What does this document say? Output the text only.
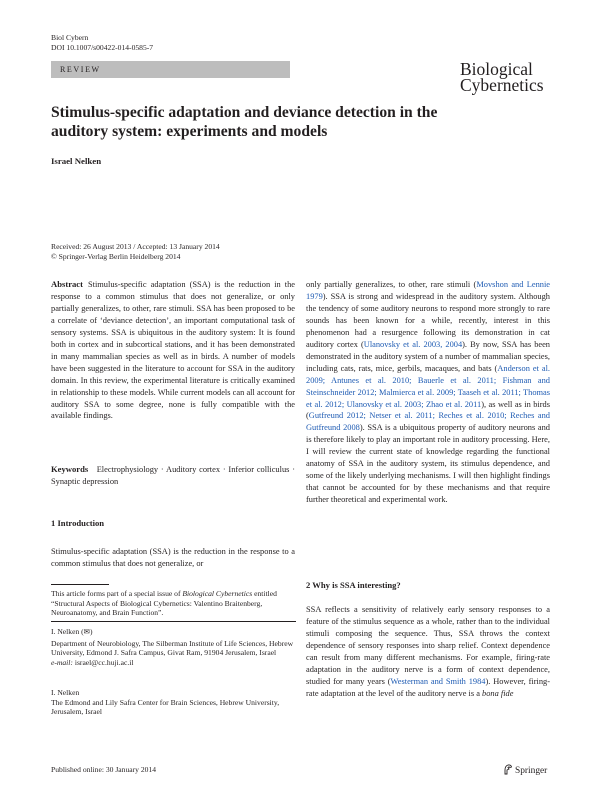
Biol Cybern
DOI 10.1007/s00422-014-0585-7
REVIEW	Biological
Cybernetics
Stimulus-specific adaptation and deviance detection in the auditory system: experiments and models
Israel Nelken
Received: 26 August 2013 / Accepted: 13 January 2014
© Springer-Verlag Berlin Heidelberg 2014

Abstract Stimulus-specific adaptation (SSA) is the reduction in the response to a common stimulus that does not generalize, or only partially generalizes, to other, rare stimuli. SSA has been proposed to be a correlate of ‘deviance detection’, an important computational task of sensory systems. SSA is ubiquitous in the auditory system: It is found both in cortex and in subcortical stations, and it has been demonstrated in many mammalian species as well as in birds. A number of models have been suggested in the literature to account for SSA in the auditory domain. In this review, the experimental literature is critically examined in relationship to these models. While current models can all account for auditory SSA to some degree, none is fully compatible with the available findings.

Keywords Electrophysiology · Auditory cortex · Inferior colliculus · Synaptic depression

1 Introduction

Stimulus-specific adaptation (SSA) is the reduction in the response to a common stimulus that does not generalize, or

This article forms part of a special issue of Biological Cybernetics entitled “Structural Aspects of Biological Cybernetics: Valentino Braitenberg, Neuroanatomy, and Brain Function”.
I. Nelken (✉)
Department of Neurobiology, The Silberman Institute of Life Sciences, Hebrew University, Edmond J. Safra Campus, Givat Ram, 91904 Jerusalem, Israel
e-mail: israel@cc.huji.ac.il
I. Nelken
The Edmond and Lily Safra Center for Brain Sciences, Hebrew University, Jerusalem, Israel

only partially generalizes, to other, rare stimuli (Movshon and Lennie 1979). SSA is strong and widespread in the auditory system. Although the tendency of some auditory neurons to respond more strongly to rare sounds has been known for a while, recently, interest in this phenomenon had a resurgence following its demonstration in cat auditory cortex (Ulanovsky et al. 2003, 2004). By now, SSA has been demonstrated in the auditory system of a number of mammalian species, including cats, rats, mice, gerbils, macaques, and bats (Anderson et al. 2009; Antunes et al. 2010; Bauerle et al. 2011; Fishman and Steinschneider 2012; Malmierca et al. 2009; Taaseh et al. 2011; Thomas et al. 2012; Ulanovsky et al. 2003; Zhao et al. 2011), as well as in birds (Gutfreund 2012; Netser et al. 2011; Reches et al. 2010; Reches and Gutfreund 2008). SSA is a ubiquitous property of auditory neurons and is therefore likely to play an important role in auditory processing. Here, I will review the current state of knowledge regarding the functional anatomy of SSA in the auditory system, its stimulus dependence, and some of the likely underlying mechanisms. I will then highlight findings that cannot be accounted for by these mechanisms and that require further theoretical and experimental work.

2 Why is SSA interesting?

SSA reflects a sensitivity of relatively early sensory responses to a feature of the stimulus sequence as a whole, rather than to the individual stimuli composing the sequence. Thus, SSA throws the context dependence of sensory responses into sharp relief. Context dependence can result from many different mechanisms. For example, firing-rate adaptation in the auditory nerve is a form of context dependence, studied for many years (Westerman and Smith 1984). However, firing-rate adaptation at the level of the auditory nerve is a bona fide

Published online: 30 January 2014	Springer
